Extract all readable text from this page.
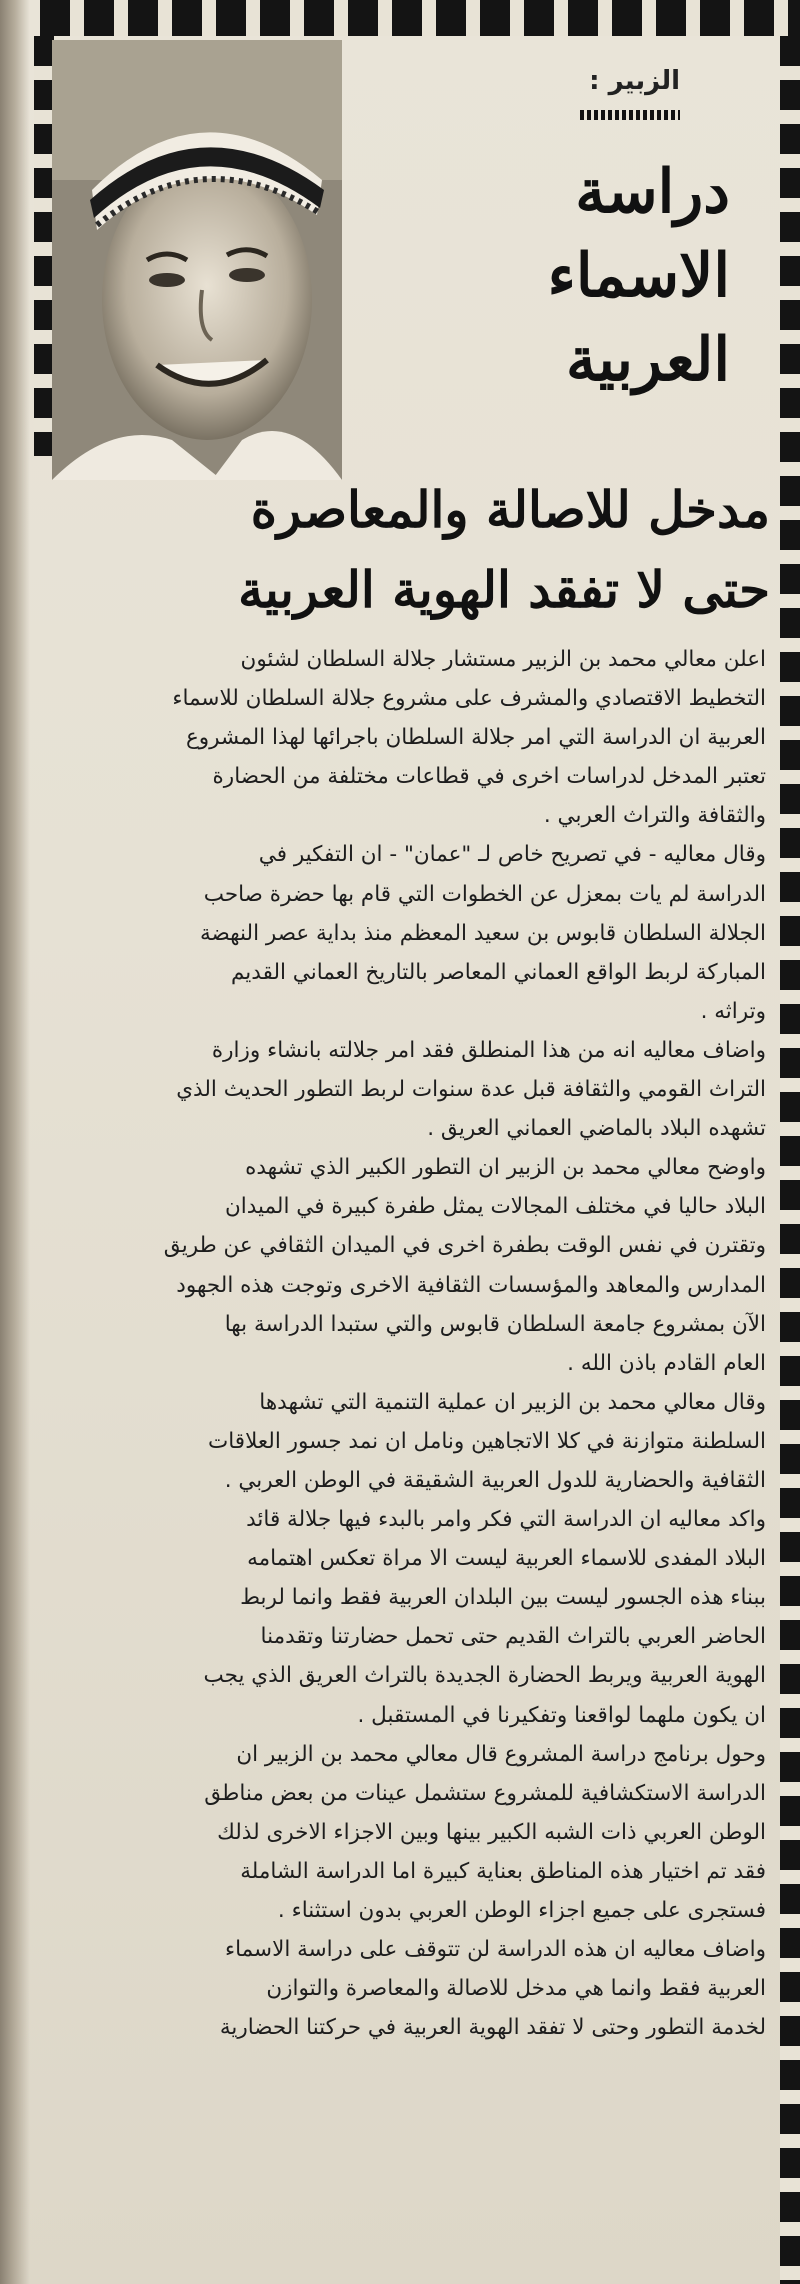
الزبير :
دراسة
الاسماء
العربية
مدخل للاصالة والمعاصرة
حتى لا تفقد الهوية العربية
اعلن معالي محمد بن الزبير مستشار جلالة السلطان لشئون
التخطيط الاقتصادي والمشرف على مشروع جلالة السلطان للاسماء
العربية ان الدراسة التي امر جلالة السلطان باجرائها لهذا المشروع
تعتبر المدخل لدراسات اخرى في قطاعات مختلفة من الحضارة
والثقافة والتراث العربي .
وقال معاليه - في تصريح خاص لـ "عمان" - ان التفكير في
الدراسة لم يات بمعزل عن الخطوات التي قام بها حضرة صاحب
الجلالة السلطان قابوس بن سعيد المعظم منذ بداية عصر النهضة
المباركة لربط الواقع العماني المعاصر بالتاريخ العماني القديم
وتراثه .
واضاف معاليه انه من هذا المنطلق فقد امر جلالته بانشاء وزارة
التراث القومي والثقافة قبل عدة سنوات لربط التطور الحديث الذي
تشهده البلاد بالماضي العماني العريق .
واوضح معالي محمد بن الزبير ان التطور الكبير الذي تشهده
البلاد حاليا في مختلف المجالات يمثل طفرة كبيرة في الميدان
وتقترن في نفس الوقت بطفرة اخرى في الميدان الثقافي عن طريق
المدارس والمعاهد والمؤسسات الثقافية الاخرى وتوجت هذه الجهود
الآن بمشروع جامعة السلطان قابوس والتي ستبدا الدراسة بها
العام القادم باذن الله .
وقال معالي محمد بن الزبير ان عملية التنمية التي تشهدها
السلطنة متوازنة في كلا الاتجاهين ونامل ان نمد جسور العلاقات
الثقافية والحضارية للدول العربية الشقيقة في الوطن العربي .
واكد معاليه ان الدراسة التي فكر وامر بالبدء فيها جلالة قائد
البلاد المفدى للاسماء العربية ليست الا مراة تعكس اهتمامه
ببناء هذه الجسور ليست بين البلدان العربية فقط وانما لربط
الحاضر العربي بالتراث القديم حتى تحمل حضارتنا وتقدمنا
الهوية العربية ويربط الحضارة الجديدة بالتراث العريق الذي يجب
ان يكون ملهما لواقعنا وتفكيرنا في المستقبل .
وحول برنامج دراسة المشروع قال معالي محمد بن الزبير ان
الدراسة الاستكشافية للمشروع ستشمل عينات من بعض مناطق
الوطن العربي ذات الشبه الكبير بينها وبين الاجزاء الاخرى لذلك
فقد تم اختيار هذه المناطق بعناية كبيرة اما الدراسة الشاملة
فستجرى على جميع اجزاء الوطن العربي بدون استثناء .
واضاف معاليه ان هذه الدراسة لن تتوقف على دراسة الاسماء
العربية فقط وانما هي مدخل للاصالة والمعاصرة والتوازن
لخدمة التطور وحتى لا تفقد الهوية العربية في حركتنا الحضارية
